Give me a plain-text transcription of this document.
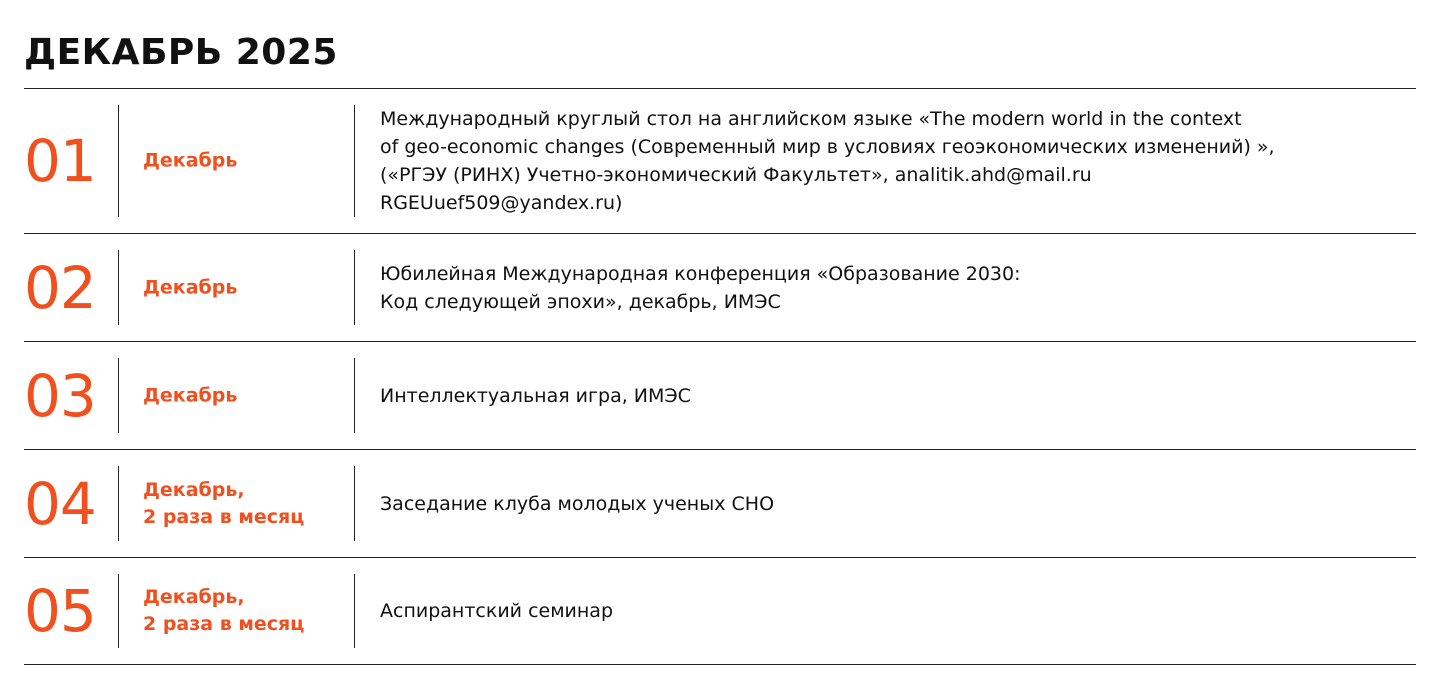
ДЕКАБРЬ 2025
01 Декабрь
Международный круглый стол на английском языке «The modern world in the context
of geo-economic changes (Современный мир в условиях геоэкономических изменений) »,
(«РГЭУ (РИНХ) Учетно-экономический Факультет», analitik.ahd@mail.ru
RGEUuef509@yandex.ru)
02 Декабрь
Юбилейная Международная конференция «Образование 2030:
Код следующей эпохи», декабрь, ИМЭС
03 Декабрь	Интеллектуальная игра, ИМЭС
04 Декабрь,
2 раза в месяц
Заседание клуба молодых ученых СНО
05 Декабрь,
2 раза в месяц
Аспирантский семинар
